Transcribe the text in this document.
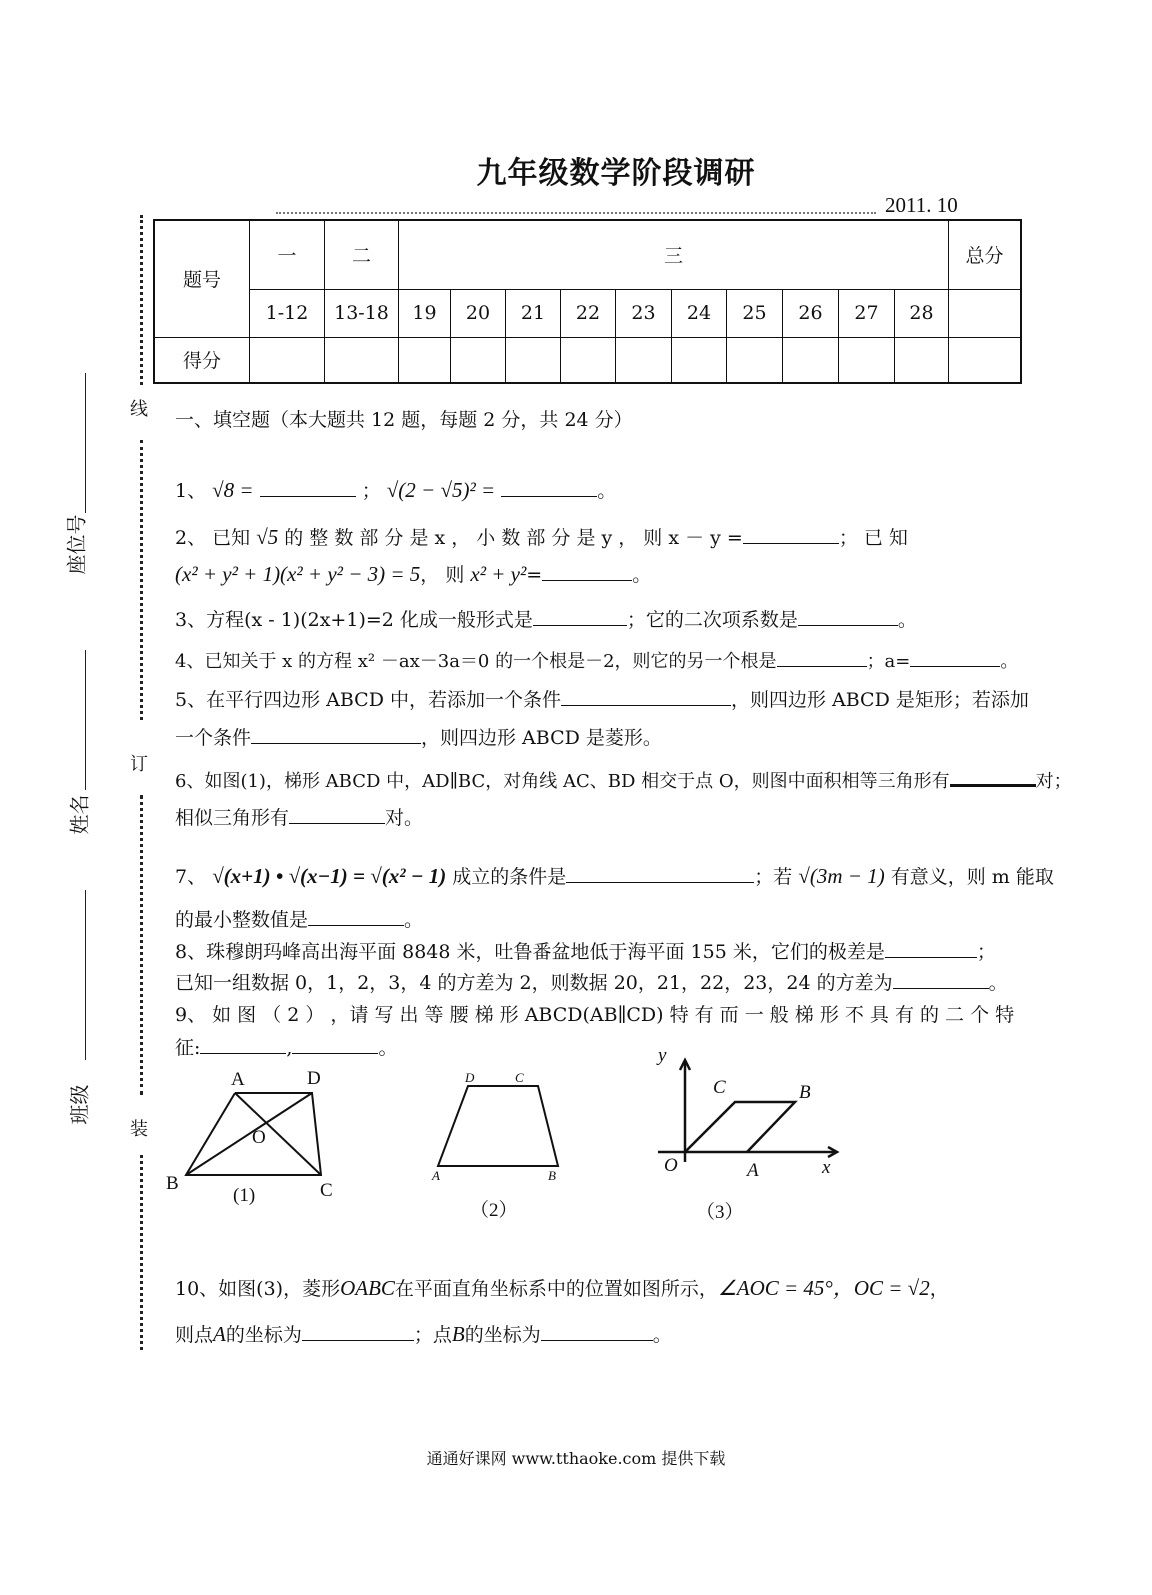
九年级数学阶段调研
2011. 10
题号	一	二	三										总分
	1-12	13-18	19	20	21	22	23	24	25	26	27	28	
得分													
线
订
装
座位号
姓名
班级
一、填空题（本大题共 12 题，每题 2 分，共 24 分）
1、 √8 =	； √(2 − √5)² =	。
2、 已知 √5 的 整 数 部 分 是 x ， 小 数 部 分 是 y ， 则 x － y =	； 已 知
(x² + y² + 1)(x² + y² − 3) = 5， 则 x² + y²=	。
3、方程(x - 1)(2x+1)=2 化成一般形式是	；它的二次项系数是	。
4、已知关于 x 的方程 x² －ax－3a＝0 的一个根是－2，则它的另一个根是	；a=	。
5、在平行四边形 ABCD 中，若添加一个条件	，则四边形 ABCD 是矩形；若添加
一个条件	，则四边形 ABCD 是菱形。
6、如图(1)，梯形 ABCD 中，AD∥BC，对角线 AC、BD 相交于点 O，则图中面积相等三角形有	对；
相似三角形有	对。
7、 √(x+1) • √(x−1) = √(x² − 1) 成立的条件是	；若 √(3m − 1) 有意义，则 m 能取
的最小整数值是	。
8、珠穆朗玛峰高出海平面 8848 米，吐鲁番盆地低于海平面 155 米，它们的极差是	；
已知一组数据 0，1，2，3，4 的方差为 2，则数据 20，21，22，23，24 的方差为	。
9、 如 图 （ 2 ） ，请 写 出 等 腰 梯 形 ABCD(AB∥CD) 特 有 而 一 般 梯 形 不 具 有 的 二 个 特
征:	,	。
A	D
O
B	C
(1)
D	C
A	B
（2）
y
C	B
O	A	x
（3）
10、如图(3)，菱形OABC在平面直角坐标系中的位置如图所示，∠AOC = 45°，OC = √2，
则点A的坐标为	；点B的坐标为	。
通通好课网 www.tthaoke.com 提供下载
